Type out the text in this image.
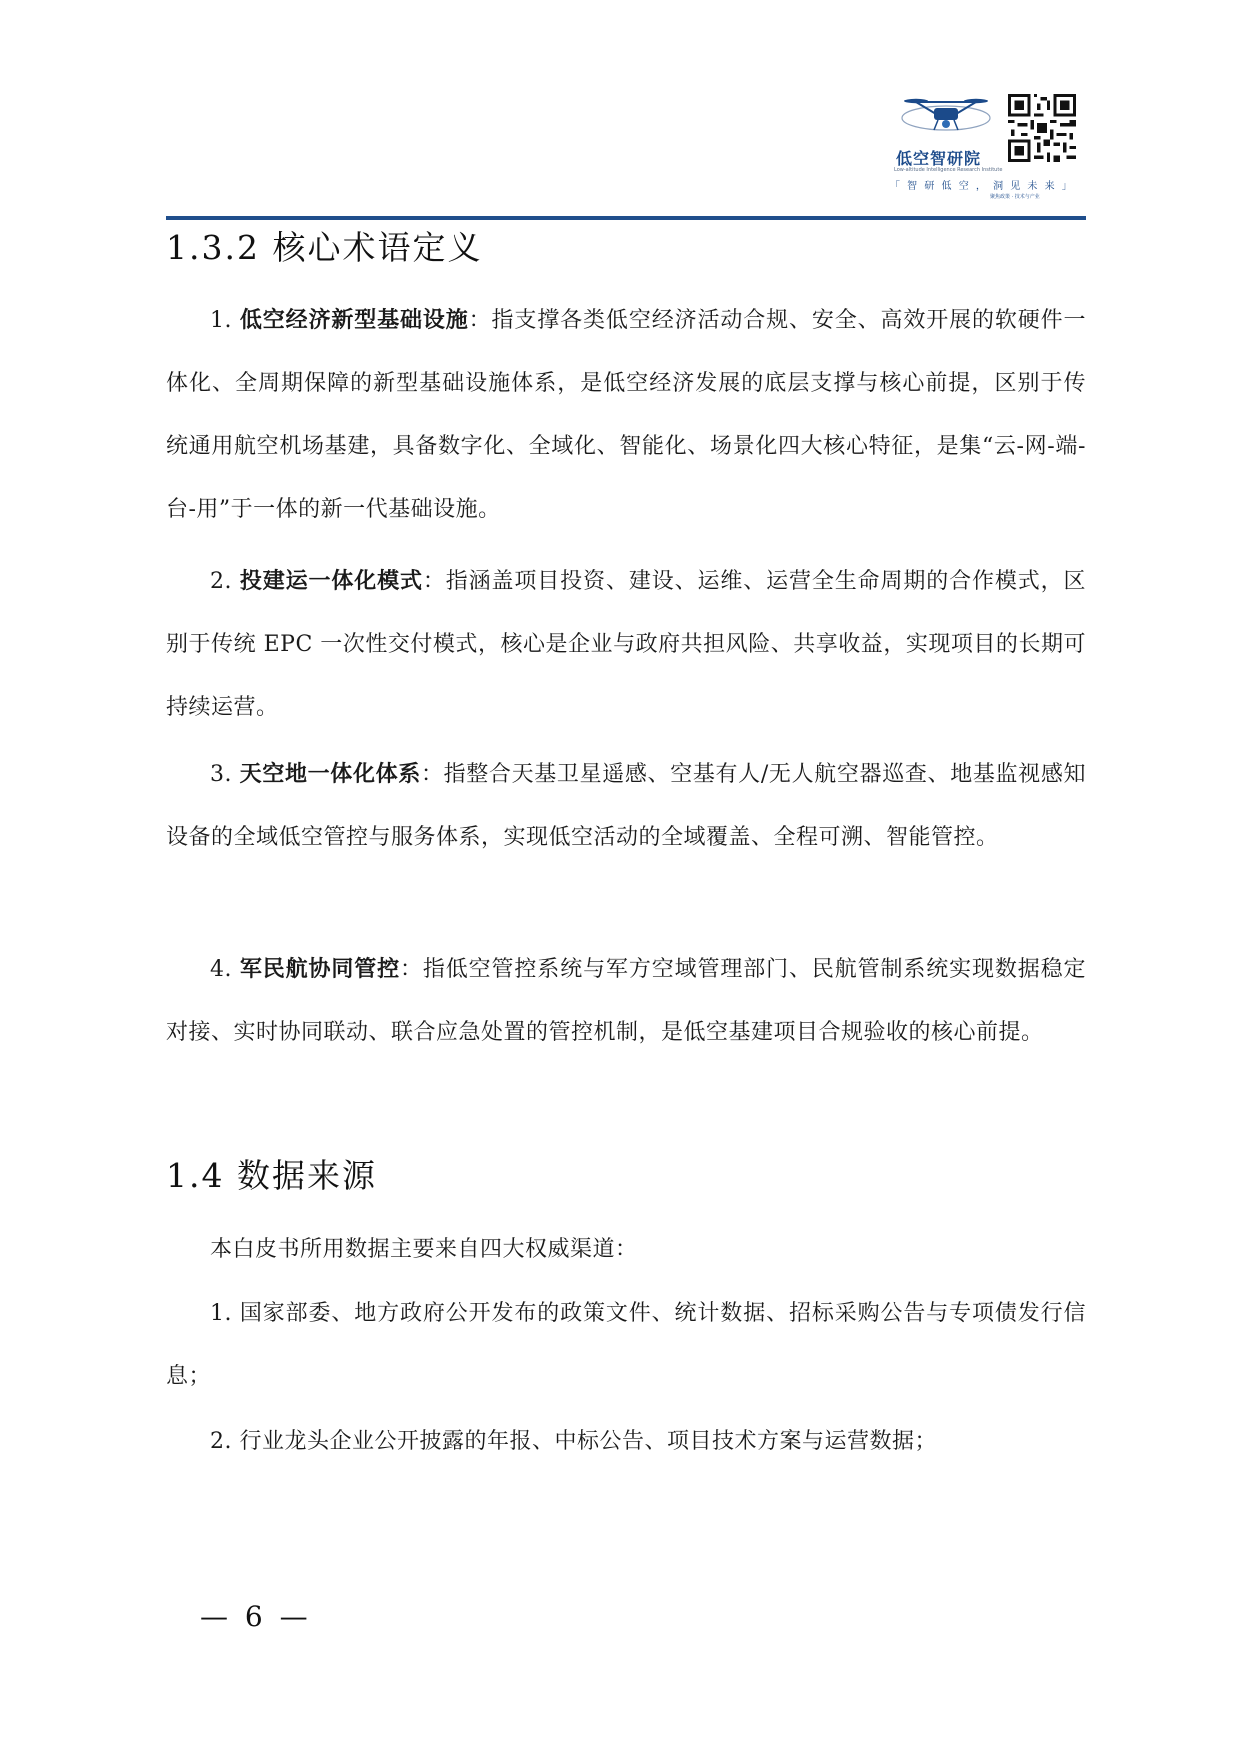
低空智研院
Low-altitude Intelligence Research Institute
「 智 研 低 空 ， 洞 见 未 来 」
聚焦政策 · 技术与产业
1.3.2 核心术语定义

1. 低空经济新型基础设施：指支撑各类低空经济活动合规、安全、高效开展的软硬件一体化、全周期保障的新型基础设施体系，是低空经济发展的底层支撑与核心前提，区别于传统通用航空机场基建，具备数字化、全域化、智能化、场景化四大核心特征，是集“云-网-端-台-用”于一体的新一代基础设施。

2. 投建运一体化模式：指涵盖项目投资、建设、运维、运营全生命周期的合作模式，区别于传统 EPC 一次性交付模式，核心是企业与政府共担风险、共享收益，实现项目的长期可持续运营。

3. 天空地一体化体系：指整合天基卫星遥感、空基有人/无人航空器巡查、地基监视感知设备的全域低空管控与服务体系，实现低空活动的全域覆盖、全程可溯、智能管控。

4. 军民航协同管控：指低空管控系统与军方空域管理部门、民航管制系统实现数据稳定对接、实时协同联动、联合应急处置的管控机制，是低空基建项目合规验收的核心前提。

1.4 数据来源

本白皮书所用数据主要来自四大权威渠道：

1. 国家部委、地方政府公开发布的政策文件、统计数据、招标采购公告与专项债发行信息；

2. 行业龙头企业公开披露的年报、中标公告、项目技术方案与运营数据；

— 6 —
